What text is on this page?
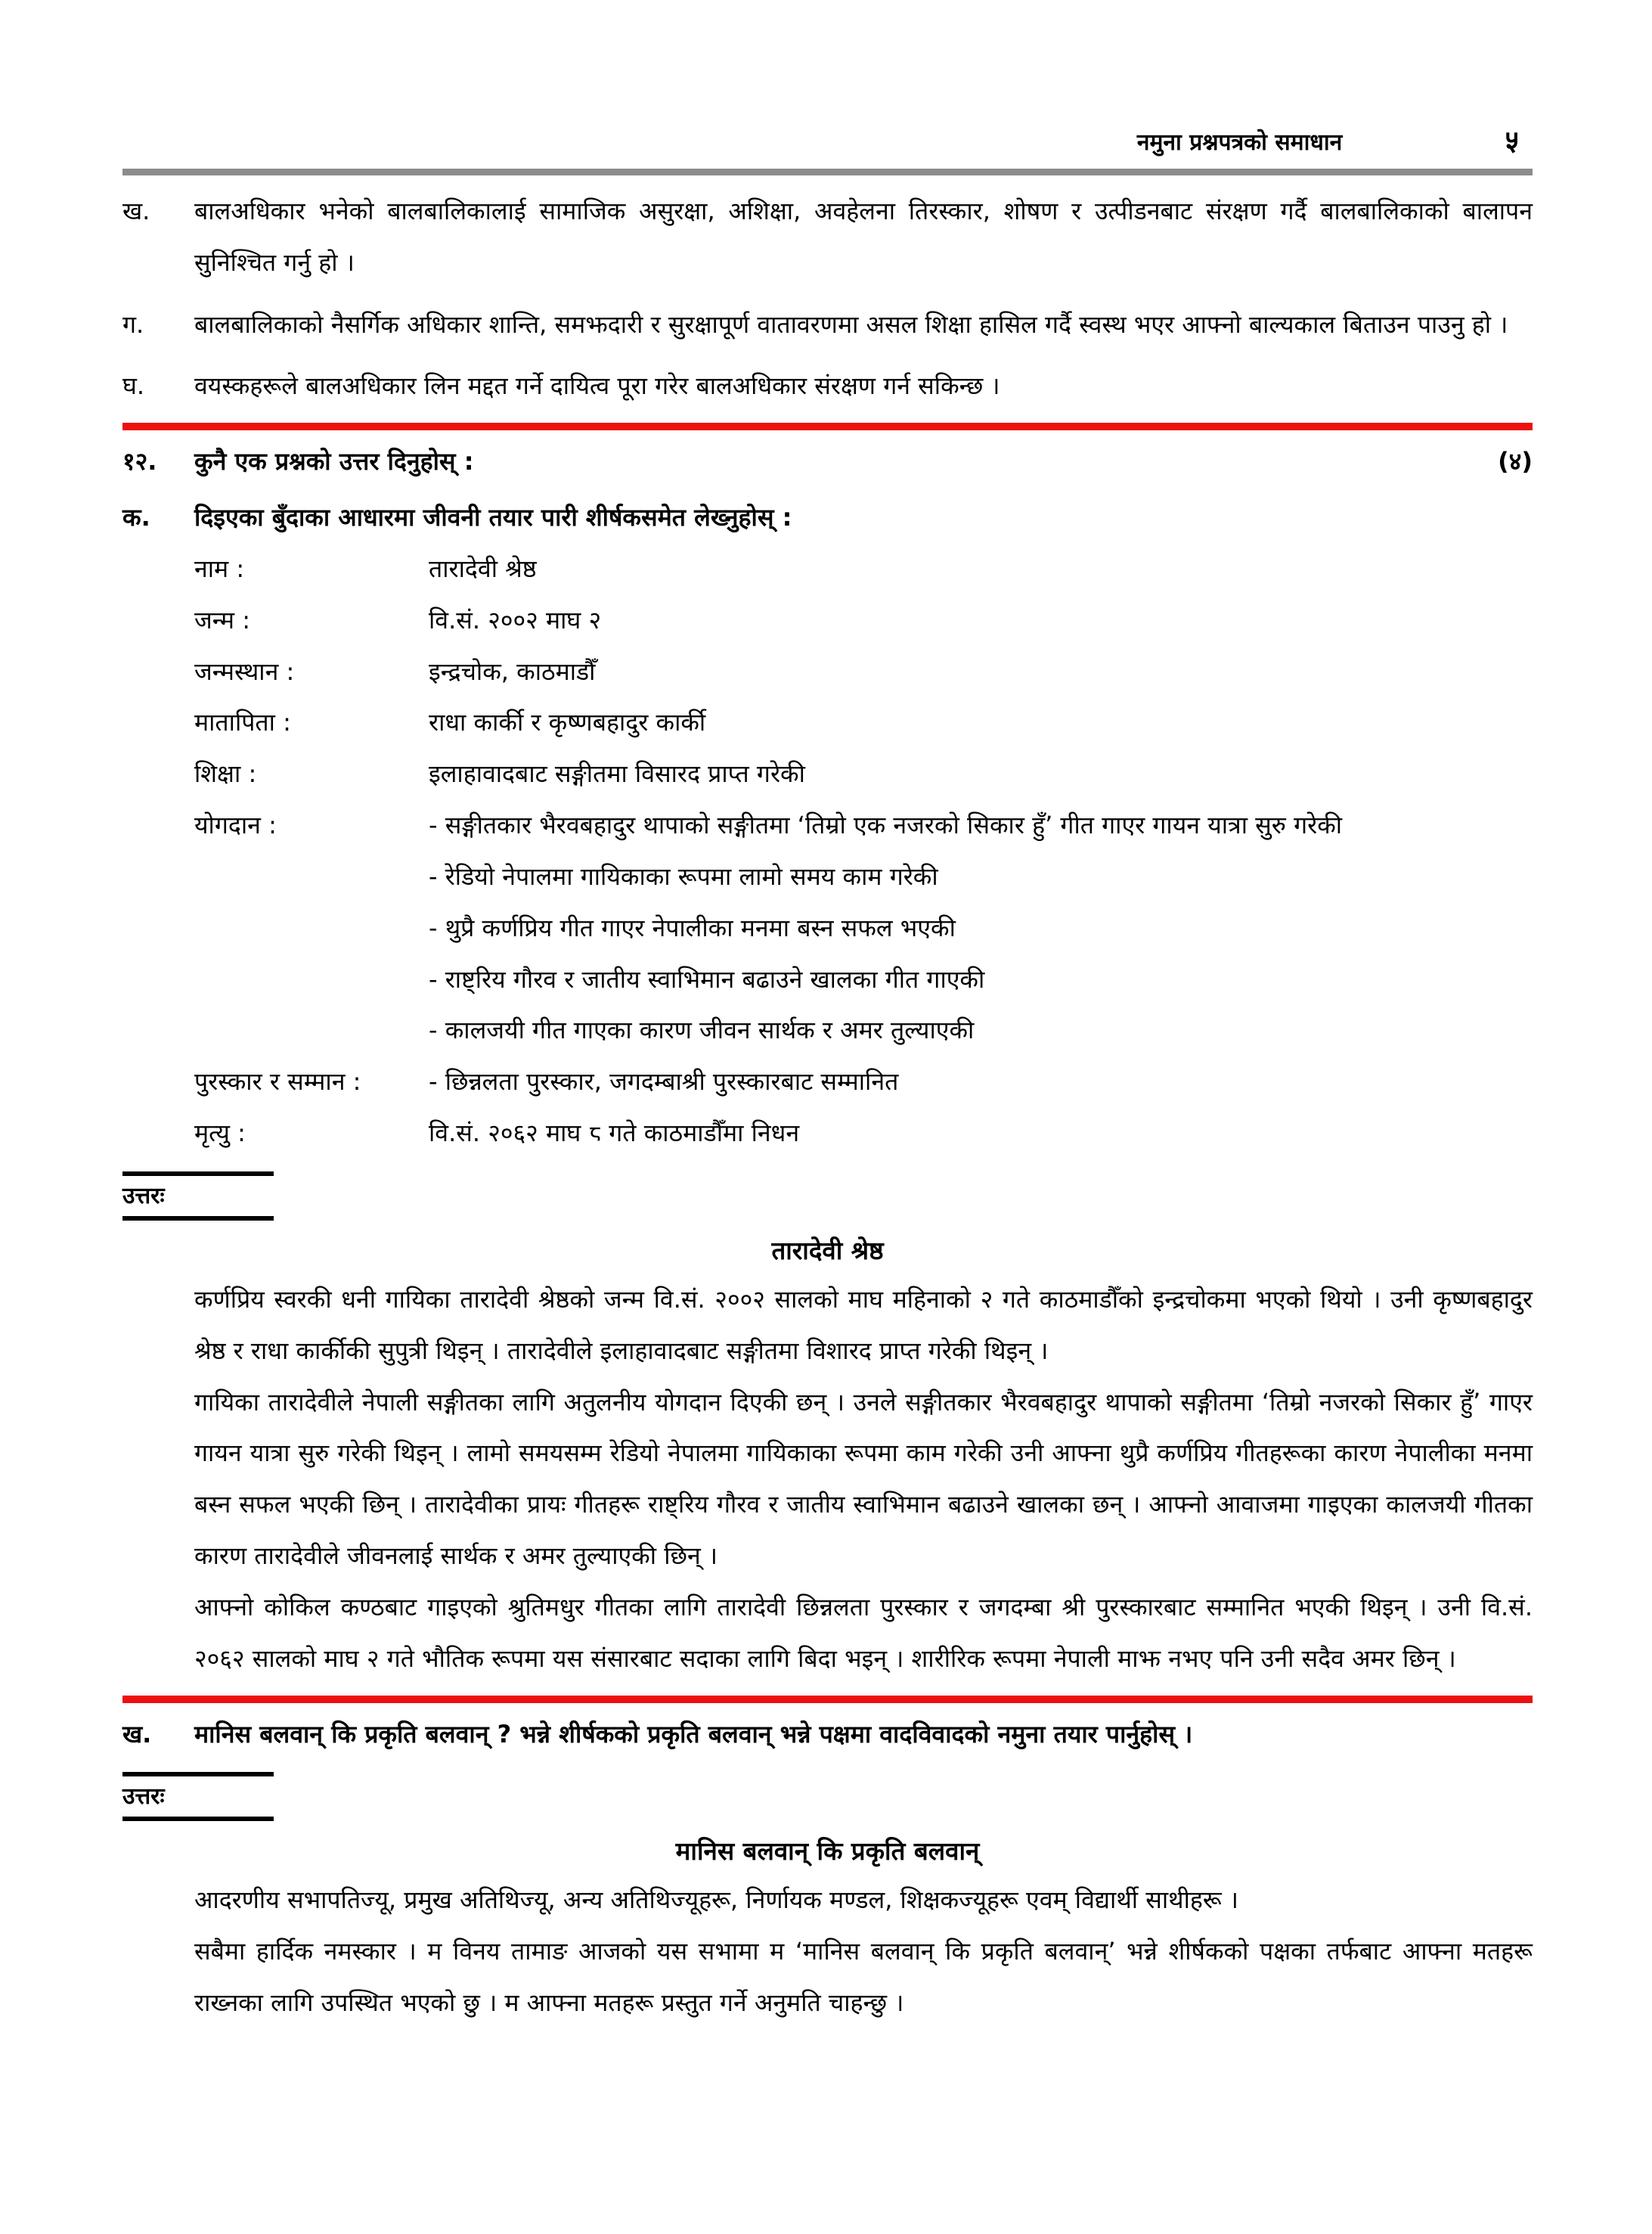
नमुना प्रश्नपत्रको समाधान	५
ख.	बालअधिकार भनेको बालबालिकालाई सामाजिक असुरक्षा, अशिक्षा, अवहेलना तिरस्कार, शोषण र उत्पीडनबाट संरक्षण गर्दै बालबालिकाको बालापन सुनिश्चित गर्नु हो ।
ग.	बालबालिकाको नैसर्गिक अधिकार शान्ति, समझदारी र सुरक्षापूर्ण वातावरणमा असल शिक्षा हासिल गर्दै स्वस्थ भएर आफ्नो बाल्यकाल बिताउन पाउनु हो ।
घ.	वयस्कहरूले बालअधिकार लिन मद्दत गर्ने दायित्व पूरा गरेर बालअधिकार संरक्षण गर्न सकिन्छ ।
१२.	कुनै एक प्रश्नको उत्तर दिनुहोस् :	(४)
क.	दिइएका बुँदाका आधारमा जीवनी तयार पारी शीर्षकसमेत लेख्नुहोस् :
नाम :	तारादेवी श्रेष्ठ
जन्म :	वि.सं. २००२ माघ २
जन्मस्थान :	इन्द्रचोक, काठमाडौँ
मातापिता :	राधा कार्की र कृष्णबहादुर कार्की
शिक्षा :	इलाहावादबाट सङ्गीतमा विसारद प्राप्त गरेकी
योगदान :	- सङ्गीतकार भैरवबहादुर थापाको सङ्गीतमा ‘तिम्रो एक नजरको सिकार हुँ’ गीत गाएर गायन यात्रा सुरु गरेकी
- रेडियो नेपालमा गायिकाका रूपमा लामो समय काम गरेकी
- थुप्रै कर्णप्रिय गीत गाएर नेपालीका मनमा बस्न सफल भएकी
- राष्ट्रिय गौरव र जातीय स्वाभिमान बढाउने खालका गीत गाएकी
- कालजयी गीत गाएका कारण जीवन सार्थक र अमर तुल्याएकी
पुरस्कार र सम्मान :	- छिन्नलता पुरस्कार, जगदम्बाश्री पुरस्कारबाट सम्मानित
मृत्यु :	वि.सं. २०६२ माघ ८ गते काठमाडौँमा निधन
उत्तरः
तारादेवी श्रेष्ठ

कर्णप्रिय स्वरकी धनी गायिका तारादेवी श्रेष्ठको जन्म वि.सं. २००२ सालको माघ महिनाको २ गते काठमाडौँको इन्द्रचोकमा भएको थियो । उनी कृष्णबहादुर श्रेष्ठ र राधा कार्कीकी सुपुत्री थिइन् । तारादेवीले इलाहावादबाट सङ्गीतमा विशारद प्राप्त गरेकी थिइन् ।

गायिका तारादेवीले नेपाली सङ्गीतका लागि अतुलनीय योगदान दिएकी छन् । उनले सङ्गीतकार भैरवबहादुर थापाको सङ्गीतमा ‘तिम्रो नजरको सिकार हुँ’ गाएर गायन यात्रा सुरु गरेकी थिइन् । लामो समयसम्म रेडियो नेपालमा गायिकाका रूपमा काम गरेकी उनी आफ्ना थुप्रै कर्णप्रिय गीतहरूका कारण नेपालीका मनमा बस्न सफल भएकी छिन् । तारादेवीका प्रायः गीतहरू राष्ट्रिय गौरव र जातीय स्वाभिमान बढाउने खालका छन् । आफ्नो आवाजमा गाइएका कालजयी गीतका कारण तारादेवीले जीवनलाई सार्थक र अमर तुल्याएकी छिन् ।

आफ्नो कोकिल कण्ठबाट गाइएको श्रुतिमधुर गीतका लागि तारादेवी छिन्नलता पुरस्कार र जगदम्बा श्री पुरस्कारबाट सम्मानित भएकी थिइन् । उनी वि.सं. २०६२ सालको माघ २ गते भौतिक रूपमा यस संसारबाट सदाका लागि बिदा भइन् । शारीरिक रूपमा नेपाली माझ नभए पनि उनी सदैव अमर छिन् ।

ख.	मानिस बलवान् कि प्रकृति बलवान् ? भन्ने शीर्षकको प्रकृति बलवान् भन्ने पक्षमा वादविवादको नमुना तयार पार्नुहोस् ।
उत्तरः
मानिस बलवान् कि प्रकृति बलवान्

आदरणीय सभापतिज्यू, प्रमुख अतिथिज्यू, अन्य अतिथिज्यूहरू, निर्णायक मण्डल, शिक्षकज्यूहरू एवम् विद्यार्थी साथीहरू ।

सबैमा हार्दिक नमस्कार । म विनय तामाङ आजको यस सभामा म ‘मानिस बलवान् कि प्रकृति बलवान्’ भन्ने शीर्षकको पक्षका तर्फबाट आफ्ना मतहरू राख्नका लागि उपस्थित भएको छु । म आफ्ना मतहरू प्रस्तुत गर्ने अनुमति चाहन्छु ।
